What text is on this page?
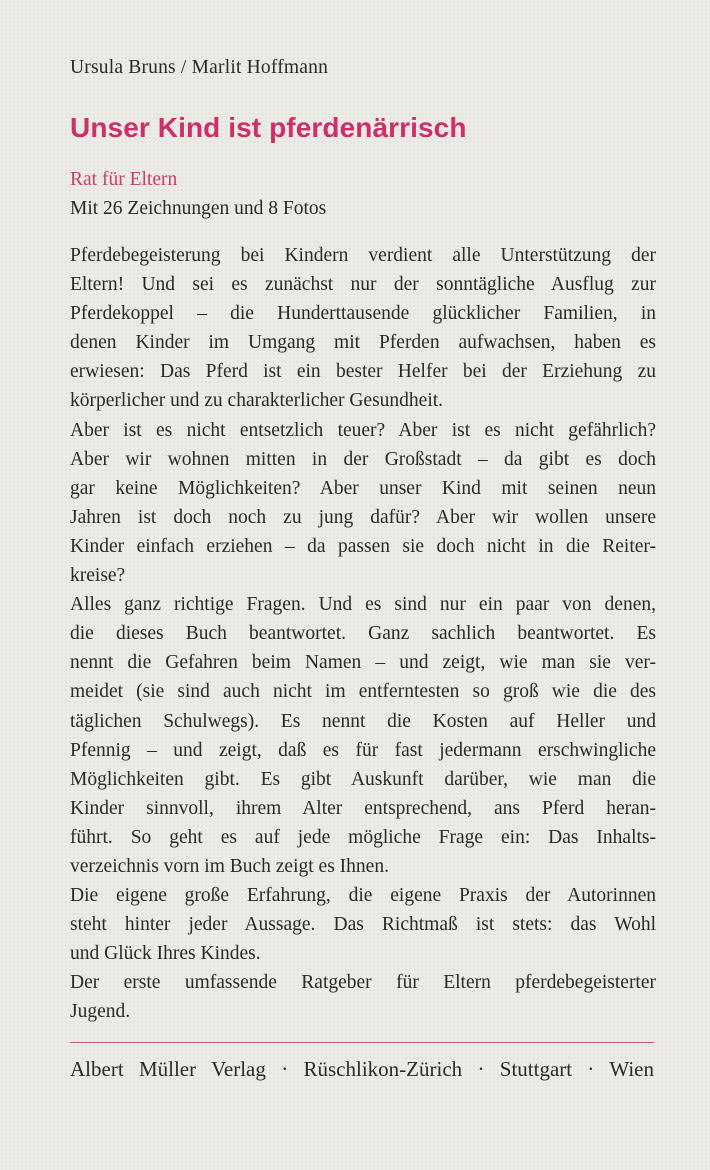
Ursula Bruns / Marlit Hoffmann
Unser Kind ist pferdenärrisch
Rat für Eltern
Mit 26 Zeichnungen und 8 Fotos
Pferdebegeisterung bei Kindern verdient alle Unterstützung der
Eltern! Und sei es zunächst nur der sonntägliche Ausflug zur
Pferdekoppel – die Hunderttausende glücklicher Familien, in
denen Kinder im Umgang mit Pferden aufwachsen, haben es
erwiesen: Das Pferd ist ein bester Helfer bei der Erziehung zu
körperlicher und zu charakterlicher Gesundheit.
Aber ist es nicht entsetzlich teuer? Aber ist es nicht gefährlich?
Aber wir wohnen mitten in der Großstadt – da gibt es doch
gar keine Möglichkeiten? Aber unser Kind mit seinen neun
Jahren ist doch noch zu jung dafür? Aber wir wollen unsere
Kinder einfach erziehen – da passen sie doch nicht in die Reiter-
kreise?
Alles ganz richtige Fragen. Und es sind nur ein paar von denen,
die dieses Buch beantwortet. Ganz sachlich beantwortet. Es
nennt die Gefahren beim Namen – und zeigt, wie man sie ver-
meidet (sie sind auch nicht im entferntesten so groß wie die des
täglichen Schulwegs). Es nennt die Kosten auf Heller und
Pfennig – und zeigt, daß es für fast jedermann erschwingliche
Möglichkeiten gibt. Es gibt Auskunft darüber, wie man die
Kinder sinnvoll, ihrem Alter entsprechend, ans Pferd heran-
führt. So geht es auf jede mögliche Frage ein: Das Inhalts-
verzeichnis vorn im Buch zeigt es Ihnen.
Die eigene große Erfahrung, die eigene Praxis der Autorinnen
steht hinter jeder Aussage. Das Richtmaß ist stets: das Wohl
und Glück Ihres Kindes.
Der erste umfassende Ratgeber für Eltern pferdebegeisterter
Jugend.
Albert Müller Verlag · Rüschlikon-Zürich · Stuttgart · Wien
